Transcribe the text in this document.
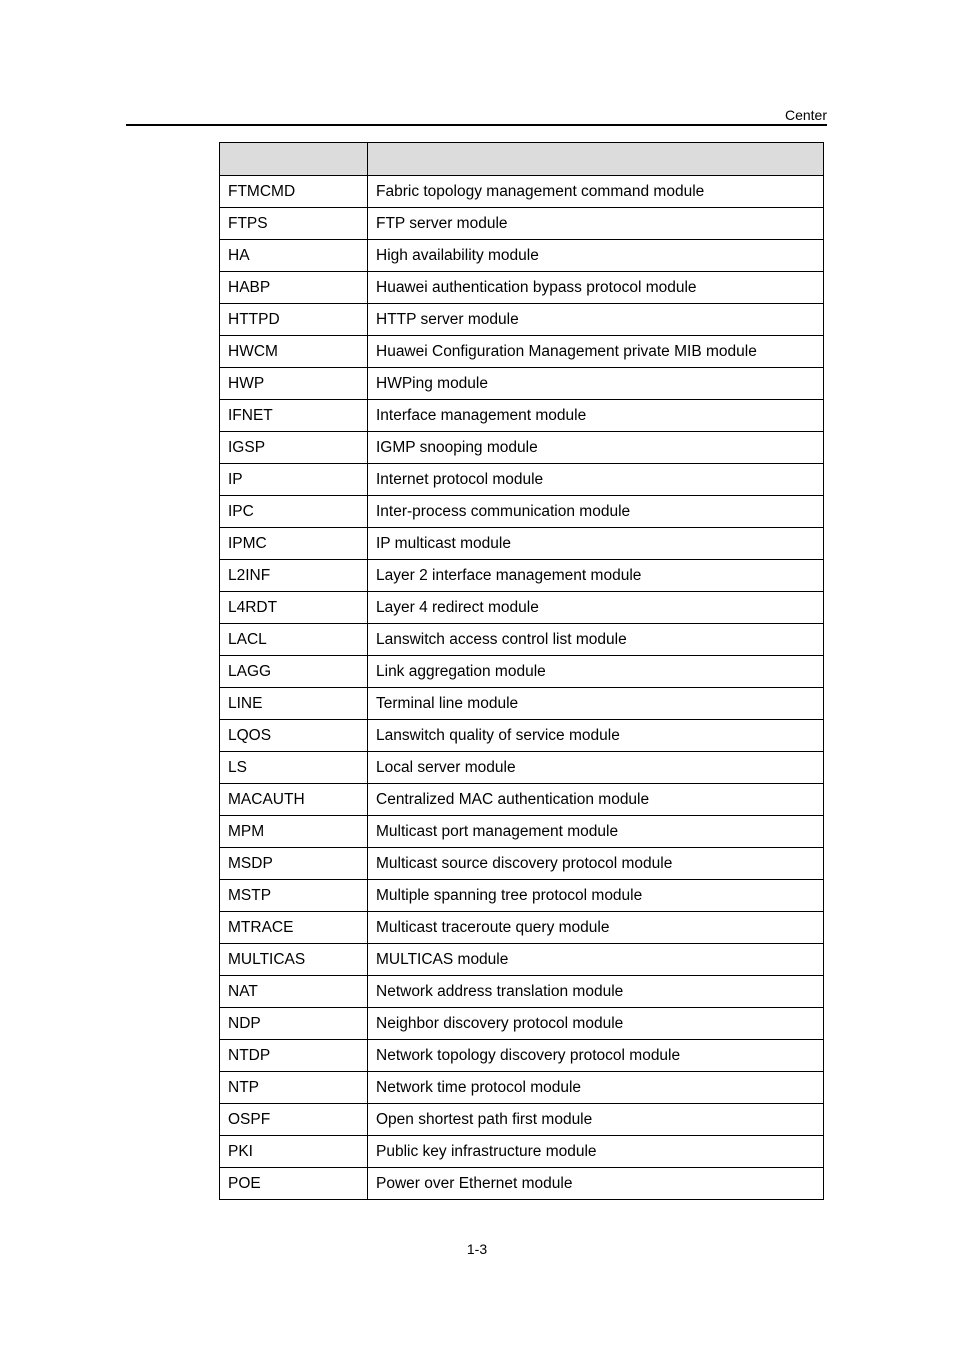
Center

FTMCMD	Fabric topology management command module
FTPS	FTP server module
HA	High availability module
HABP	Huawei authentication bypass protocol module
HTTPD	HTTP server module
HWCM	Huawei Configuration Management private MIB module
HWP	HWPing module
IFNET	Interface management module
IGSP	IGMP snooping module
IP	Internet protocol module
IPC	Inter-process communication module
IPMC	IP multicast module
L2INF	Layer 2 interface management module
L4RDT	Layer 4 redirect module
LACL	Lanswitch access control list module
LAGG	Link aggregation module
LINE	Terminal line module
LQOS	Lanswitch quality of service module
LS	Local server module
MACAUTH	Centralized MAC authentication module
MPM	Multicast port management module
MSDP	Multicast source discovery protocol module
MSTP	Multiple spanning tree protocol module
MTRACE	Multicast traceroute query module
MULTICAS	MULTICAS module
NAT	Network address translation module
NDP	Neighbor discovery protocol module
NTDP	Network topology discovery protocol module
NTP	Network time protocol module
OSPF	Open shortest path first module
PKI	Public key infrastructure module
POE	Power over Ethernet module
1-3
